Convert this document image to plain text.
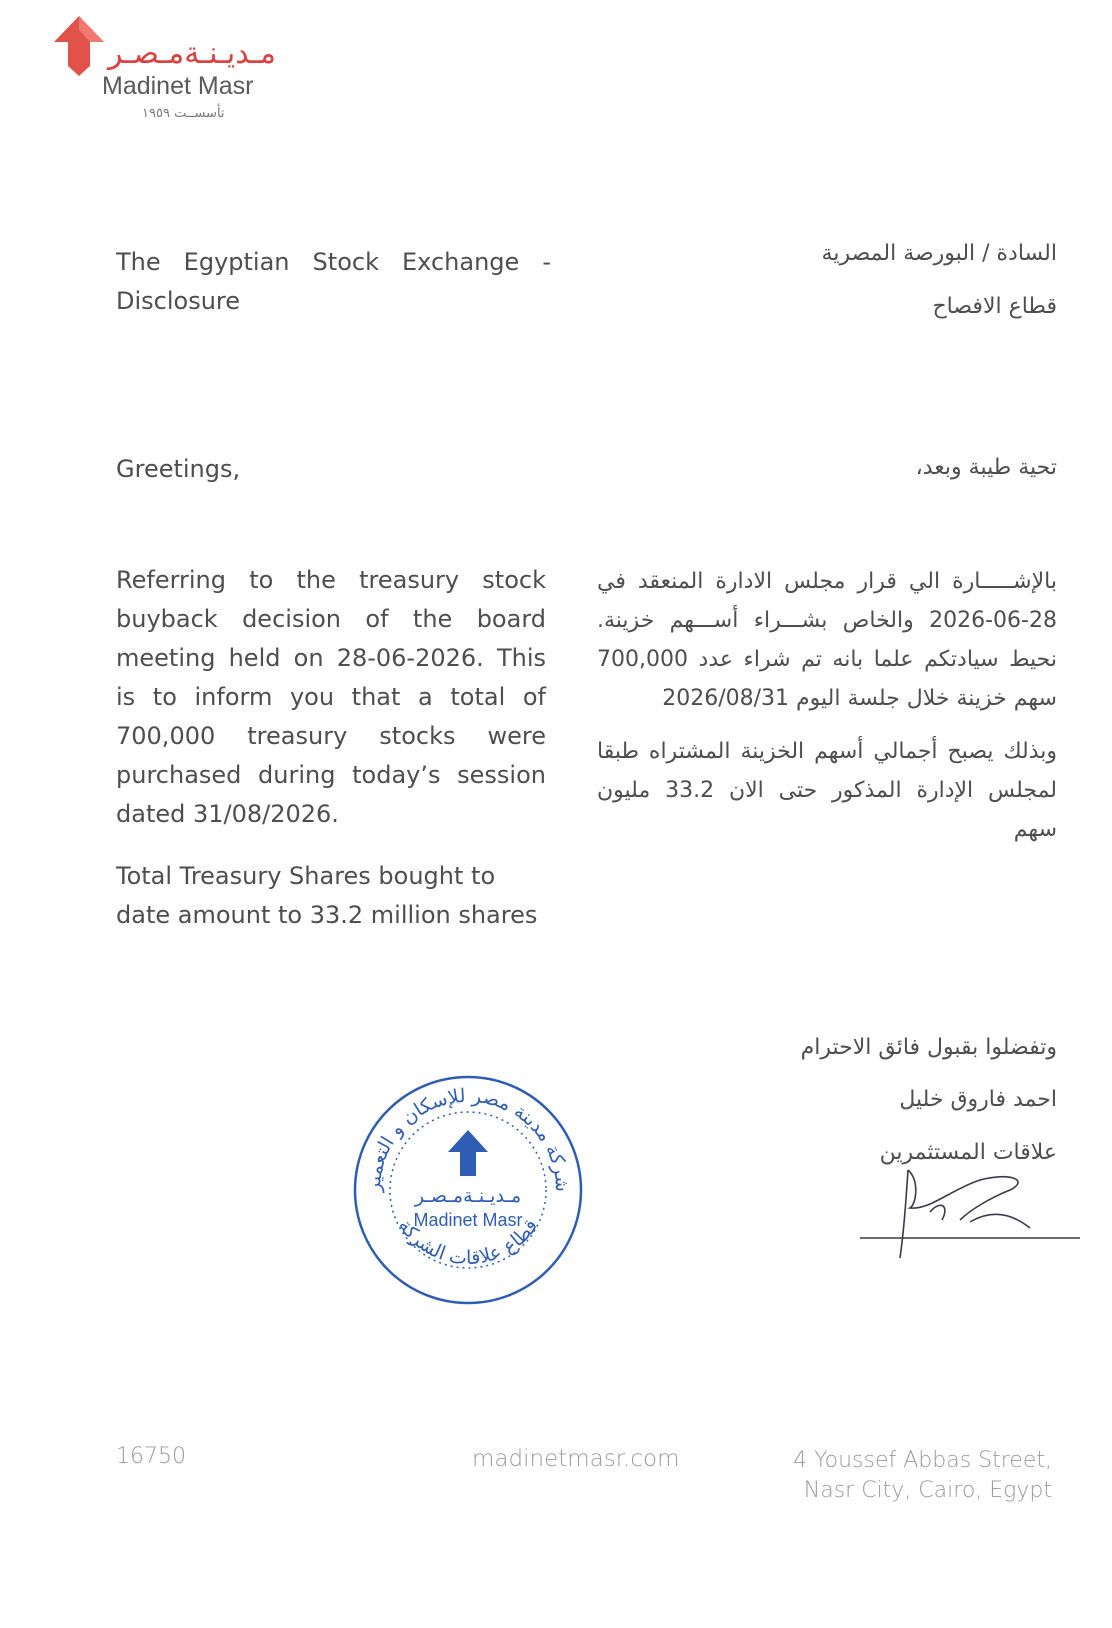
مـديـنـةمـصـر
Madinet Masr
تأسســت ١٩٥٩
The Egyptian Stock Exchange - Disclosure
Greetings,
Referring to the treasury stock buyback decision of the board meeting held on 28-06-2026. This is to inform you that a total of 700,000 treasury stocks were purchased during today’s session dated 31/08/2026.
Total Treasury Shares bought to date amount to 33.2 million shares
السادة / البورصة المصرية
قطاع الافصاح
تحية طيبة وبعد،
بالإشـــــارة الي قرار مجلس الادارة المنعقد في 28-06-2026 والخاص بشـــراء أســـهم خزينة. نحيط سيادتكم علما بانه تم شراء عدد 700,000 سهم خزينة خلال جلسة اليوم 2026/08/31
وبذلك يصبح أجمالي أسهم الخزينة المشتراه طبقا لمجلس الإدارة المذكور حتى الان 33.2 مليون سهم
وتفضلوا بقبول فائق الاحترام
احمد فاروق خليل
علاقات المستثمرين
شركة مدينة مصر للإسكان و التعمير
قطاع علاقات الشركة
مـديـنـةمـصـر
Madinet Masr
16750	madinetmasr.com	4 Youssef Abbas Street,
Nasr City, Cairo, Egypt
